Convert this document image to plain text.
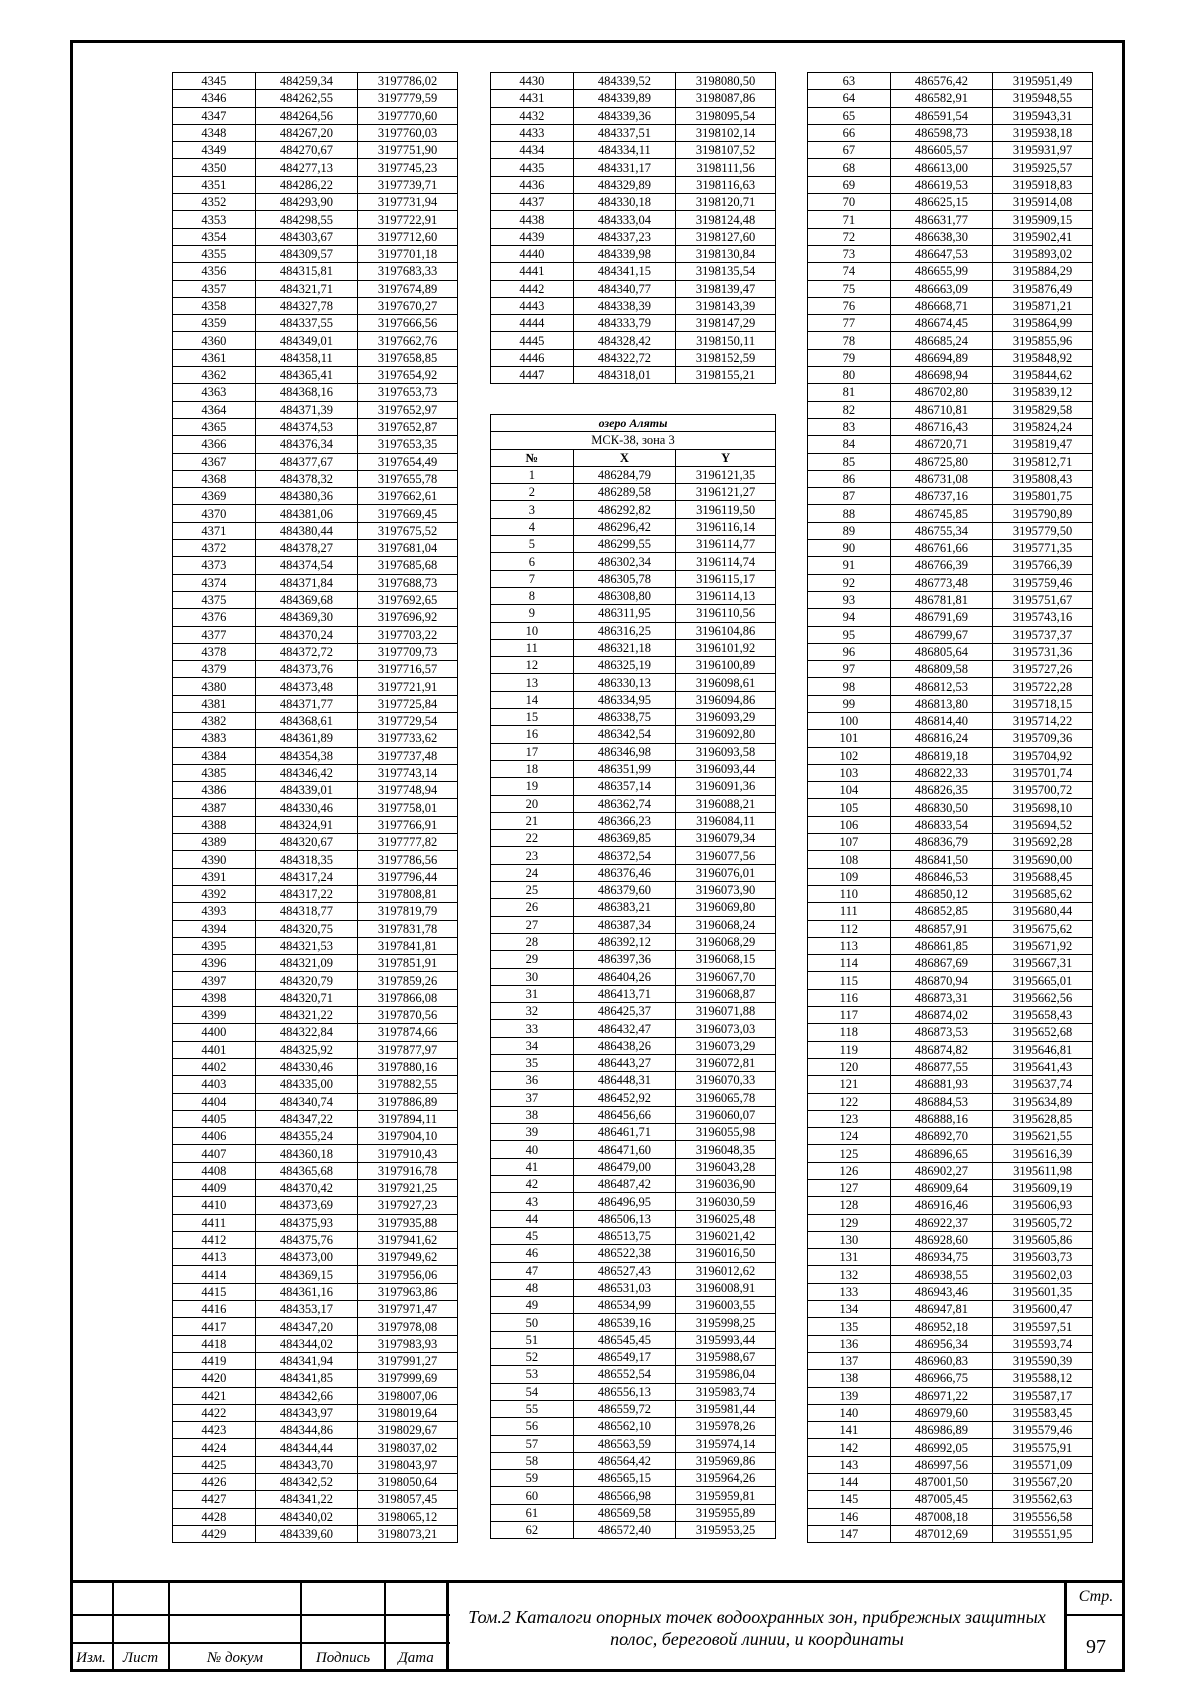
4345	484259,34	3197786,02
4346	484262,55	3197779,59
4347	484264,56	3197770,60
4348	484267,20	3197760,03
4349	484270,67	3197751,90
4350	484277,13	3197745,23
4351	484286,22	3197739,71
4352	484293,90	3197731,94
4353	484298,55	3197722,91
4354	484303,67	3197712,60
4355	484309,57	3197701,18
4356	484315,81	3197683,33
4357	484321,71	3197674,89
4358	484327,78	3197670,27
4359	484337,55	3197666,56
4360	484349,01	3197662,76
4361	484358,11	3197658,85
4362	484365,41	3197654,92
4363	484368,16	3197653,73
4364	484371,39	3197652,97
4365	484374,53	3197652,87
4366	484376,34	3197653,35
4367	484377,67	3197654,49
4368	484378,32	3197655,78
4369	484380,36	3197662,61
4370	484381,06	3197669,45
4371	484380,44	3197675,52
4372	484378,27	3197681,04
4373	484374,54	3197685,68
4374	484371,84	3197688,73
4375	484369,68	3197692,65
4376	484369,30	3197696,92
4377	484370,24	3197703,22
4378	484372,72	3197709,73
4379	484373,76	3197716,57
4380	484373,48	3197721,91
4381	484371,77	3197725,84
4382	484368,61	3197729,54
4383	484361,89	3197733,62
4384	484354,38	3197737,48
4385	484346,42	3197743,14
4386	484339,01	3197748,94
4387	484330,46	3197758,01
4388	484324,91	3197766,91
4389	484320,67	3197777,82
4390	484318,35	3197786,56
4391	484317,24	3197796,44
4392	484317,22	3197808,81
4393	484318,77	3197819,79
4394	484320,75	3197831,78
4395	484321,53	3197841,81
4396	484321,09	3197851,91
4397	484320,79	3197859,26
4398	484320,71	3197866,08
4399	484321,22	3197870,56
4400	484322,84	3197874,66
4401	484325,92	3197877,97
4402	484330,46	3197880,16
4403	484335,00	3197882,55
4404	484340,74	3197886,89
4405	484347,22	3197894,11
4406	484355,24	3197904,10
4407	484360,18	3197910,43
4408	484365,68	3197916,78
4409	484370,42	3197921,25
4410	484373,69	3197927,23
4411	484375,93	3197935,88
4412	484375,76	3197941,62
4413	484373,00	3197949,62
4414	484369,15	3197956,06
4415	484361,16	3197963,86
4416	484353,17	3197971,47
4417	484347,20	3197978,08
4418	484344,02	3197983,93
4419	484341,94	3197991,27
4420	484341,85	3197999,69
4421	484342,66	3198007,06
4422	484343,97	3198019,64
4423	484344,86	3198029,67
4424	484344,44	3198037,02
4425	484343,70	3198043,97
4426	484342,52	3198050,64
4427	484341,22	3198057,45
4428	484340,02	3198065,12
4429	484339,60	3198073,21
4430	484339,52	3198080,50
4431	484339,89	3198087,86
4432	484339,36	3198095,54
4433	484337,51	3198102,14
4434	484334,11	3198107,52
4435	484331,17	3198111,56
4436	484329,89	3198116,63
4437	484330,18	3198120,71
4438	484333,04	3198124,48
4439	484337,23	3198127,60
4440	484339,98	3198130,84
4441	484341,15	3198135,54
4442	484340,77	3198139,47
4443	484338,39	3198143,39
4444	484333,79	3198147,29
4445	484328,42	3198150,11
4446	484322,72	3198152,59
4447	484318,01	3198155,21
озеро Аляты		
МСК-38, зона 3		
№	X	Y
1	486284,79	3196121,35
2	486289,58	3196121,27
3	486292,82	3196119,50
4	486296,42	3196116,14
5	486299,55	3196114,77
6	486302,34	3196114,74
7	486305,78	3196115,17
8	486308,80	3196114,13
9	486311,95	3196110,56
10	486316,25	3196104,86
11	486321,18	3196101,92
12	486325,19	3196100,89
13	486330,13	3196098,61
14	486334,95	3196094,86
15	486338,75	3196093,29
16	486342,54	3196092,80
17	486346,98	3196093,58
18	486351,99	3196093,44
19	486357,14	3196091,36
20	486362,74	3196088,21
21	486366,23	3196084,11
22	486369,85	3196079,34
23	486372,54	3196077,56
24	486376,46	3196076,01
25	486379,60	3196073,90
26	486383,21	3196069,80
27	486387,34	3196068,24
28	486392,12	3196068,29
29	486397,36	3196068,15
30	486404,26	3196067,70
31	486413,71	3196068,87
32	486425,37	3196071,88
33	486432,47	3196073,03
34	486438,26	3196073,29
35	486443,27	3196072,81
36	486448,31	3196070,33
37	486452,92	3196065,78
38	486456,66	3196060,07
39	486461,71	3196055,98
40	486471,60	3196048,35
41	486479,00	3196043,28
42	486487,42	3196036,90
43	486496,95	3196030,59
44	486506,13	3196025,48
45	486513,75	3196021,42
46	486522,38	3196016,50
47	486527,43	3196012,62
48	486531,03	3196008,91
49	486534,99	3196003,55
50	486539,16	3195998,25
51	486545,45	3195993,44
52	486549,17	3195988,67
53	486552,54	3195986,04
54	486556,13	3195983,74
55	486559,72	3195981,44
56	486562,10	3195978,26
57	486563,59	3195974,14
58	486564,42	3195969,86
59	486565,15	3195964,26
60	486566,98	3195959,81
61	486569,58	3195955,89
62	486572,40	3195953,25
63	486576,42	3195951,49
64	486582,91	3195948,55
65	486591,54	3195943,31
66	486598,73	3195938,18
67	486605,57	3195931,97
68	486613,00	3195925,57
69	486619,53	3195918,83
70	486625,15	3195914,08
71	486631,77	3195909,15
72	486638,30	3195902,41
73	486647,53	3195893,02
74	486655,99	3195884,29
75	486663,09	3195876,49
76	486668,71	3195871,21
77	486674,45	3195864,99
78	486685,24	3195855,96
79	486694,89	3195848,92
80	486698,94	3195844,62
81	486702,80	3195839,12
82	486710,81	3195829,58
83	486716,43	3195824,24
84	486720,71	3195819,47
85	486725,80	3195812,71
86	486731,08	3195808,43
87	486737,16	3195801,75
88	486745,85	3195790,89
89	486755,34	3195779,50
90	486761,66	3195771,35
91	486766,39	3195766,39
92	486773,48	3195759,46
93	486781,81	3195751,67
94	486791,69	3195743,16
95	486799,67	3195737,37
96	486805,64	3195731,36
97	486809,58	3195727,26
98	486812,53	3195722,28
99	486813,80	3195718,15
100	486814,40	3195714,22
101	486816,24	3195709,36
102	486819,18	3195704,92
103	486822,33	3195701,74
104	486826,35	3195700,72
105	486830,50	3195698,10
106	486833,54	3195694,52
107	486836,79	3195692,28
108	486841,50	3195690,00
109	486846,53	3195688,45
110	486850,12	3195685,62
111	486852,85	3195680,44
112	486857,91	3195675,62
113	486861,85	3195671,92
114	486867,69	3195667,31
115	486870,94	3195665,01
116	486873,31	3195662,56
117	486874,02	3195658,43
118	486873,53	3195652,68
119	486874,82	3195646,81
120	486877,55	3195641,43
121	486881,93	3195637,74
122	486884,53	3195634,89
123	486888,16	3195628,85
124	486892,70	3195621,55
125	486896,65	3195616,39
126	486902,27	3195611,98
127	486909,64	3195609,19
128	486916,46	3195606,93
129	486922,37	3195605,72
130	486928,60	3195605,86
131	486934,75	3195603,73
132	486938,55	3195602,03
133	486943,46	3195601,35
134	486947,81	3195600,47
135	486952,18	3195597,51
136	486956,34	3195593,74
137	486960,83	3195590,39
138	486966,75	3195588,12
139	486971,22	3195587,17
140	486979,60	3195583,45
141	486986,89	3195579,46
142	486992,05	3195575,91
143	486997,56	3195571,09
144	487001,50	3195567,20
145	487005,45	3195562,63
146	487008,18	3195556,58
147	487012,69	3195551,95
Изм.	Лист	№ докум	Подпись	Дата
Том.2 Каталоги опорных точек водоохранных зон, прибрежных защитных полос, береговой линии, и координаты
Стр.
97
